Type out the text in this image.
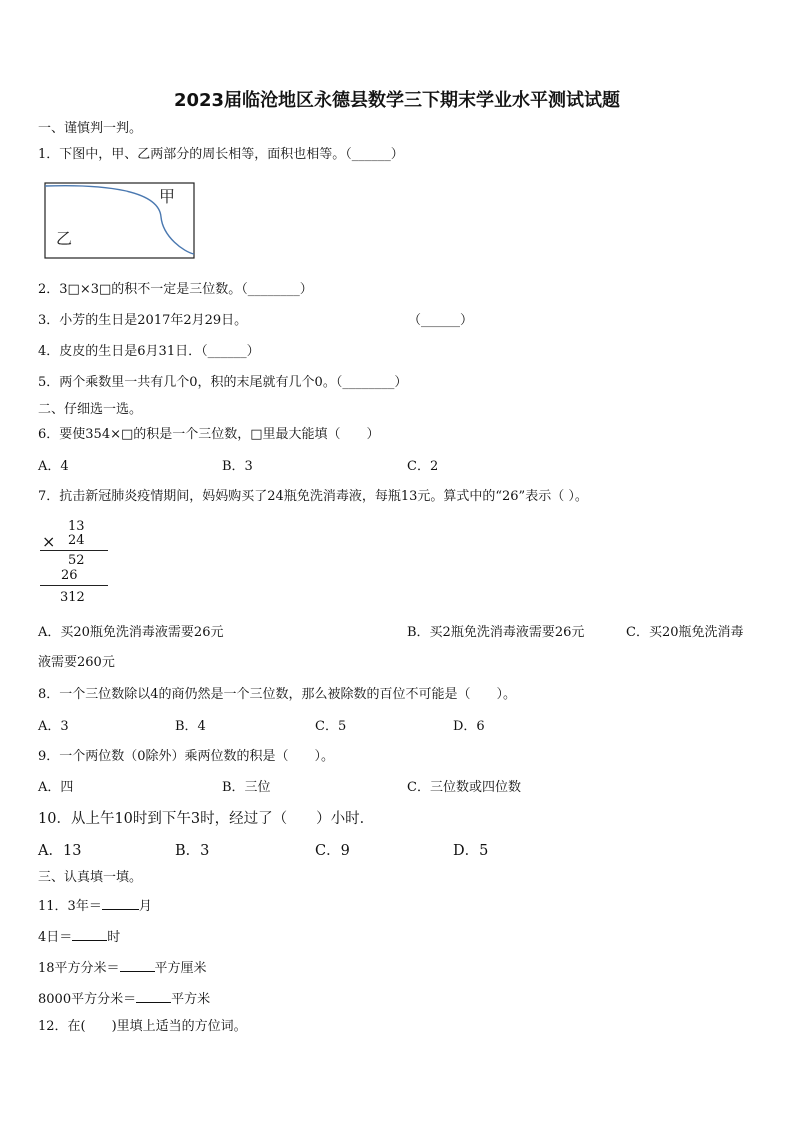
2023届临沧地区永德县数学三下期末学业水平测试试题
一、谨慎判一判。
1．下图中，甲、乙两部分的周长相等，面积也相等。（______）
甲
乙
2．3□×3□的积不一定是三位数。（________）
3．小芳的生日是2017年2月29日。	（______）
4．皮皮的生日是6月31日．（______）
5．两个乘数里一共有几个0，积的末尾就有几个0。（________）
二、仔细选一选。
6．要使354×□的积是一个三位数，□里最大能填（　　）
A．4	B．3	C．2
7．抗击新冠肺炎疫情期间，妈妈购买了24瓶免洗消毒液，每瓶13元。算式中的“26”表示（ ）。
13
× 24
52
26
312
A．买20瓶免洗消毒液需要26元	B．买2瓶免洗消毒液需要26元	C．买20瓶免洗消毒
液需要260元
8．一个三位数除以4的商仍然是一个三位数，那么被除数的百位不可能是（　　）。
A．3	B．4	C．5	D．6
9．一个两位数（0除外）乘两位数的积是（　　）。
A．四	B．三位	C．三位数或四位数
10．从上午10时到下午3时，经过了（　　）小时．
A．13	B．3	C．9	D．5
三、认真填一填。
11．3年＝	月
4日＝	时
18平方分米＝	平方厘米
8000平方分米＝	平方米
12．在(　　)里填上适当的方位词。
